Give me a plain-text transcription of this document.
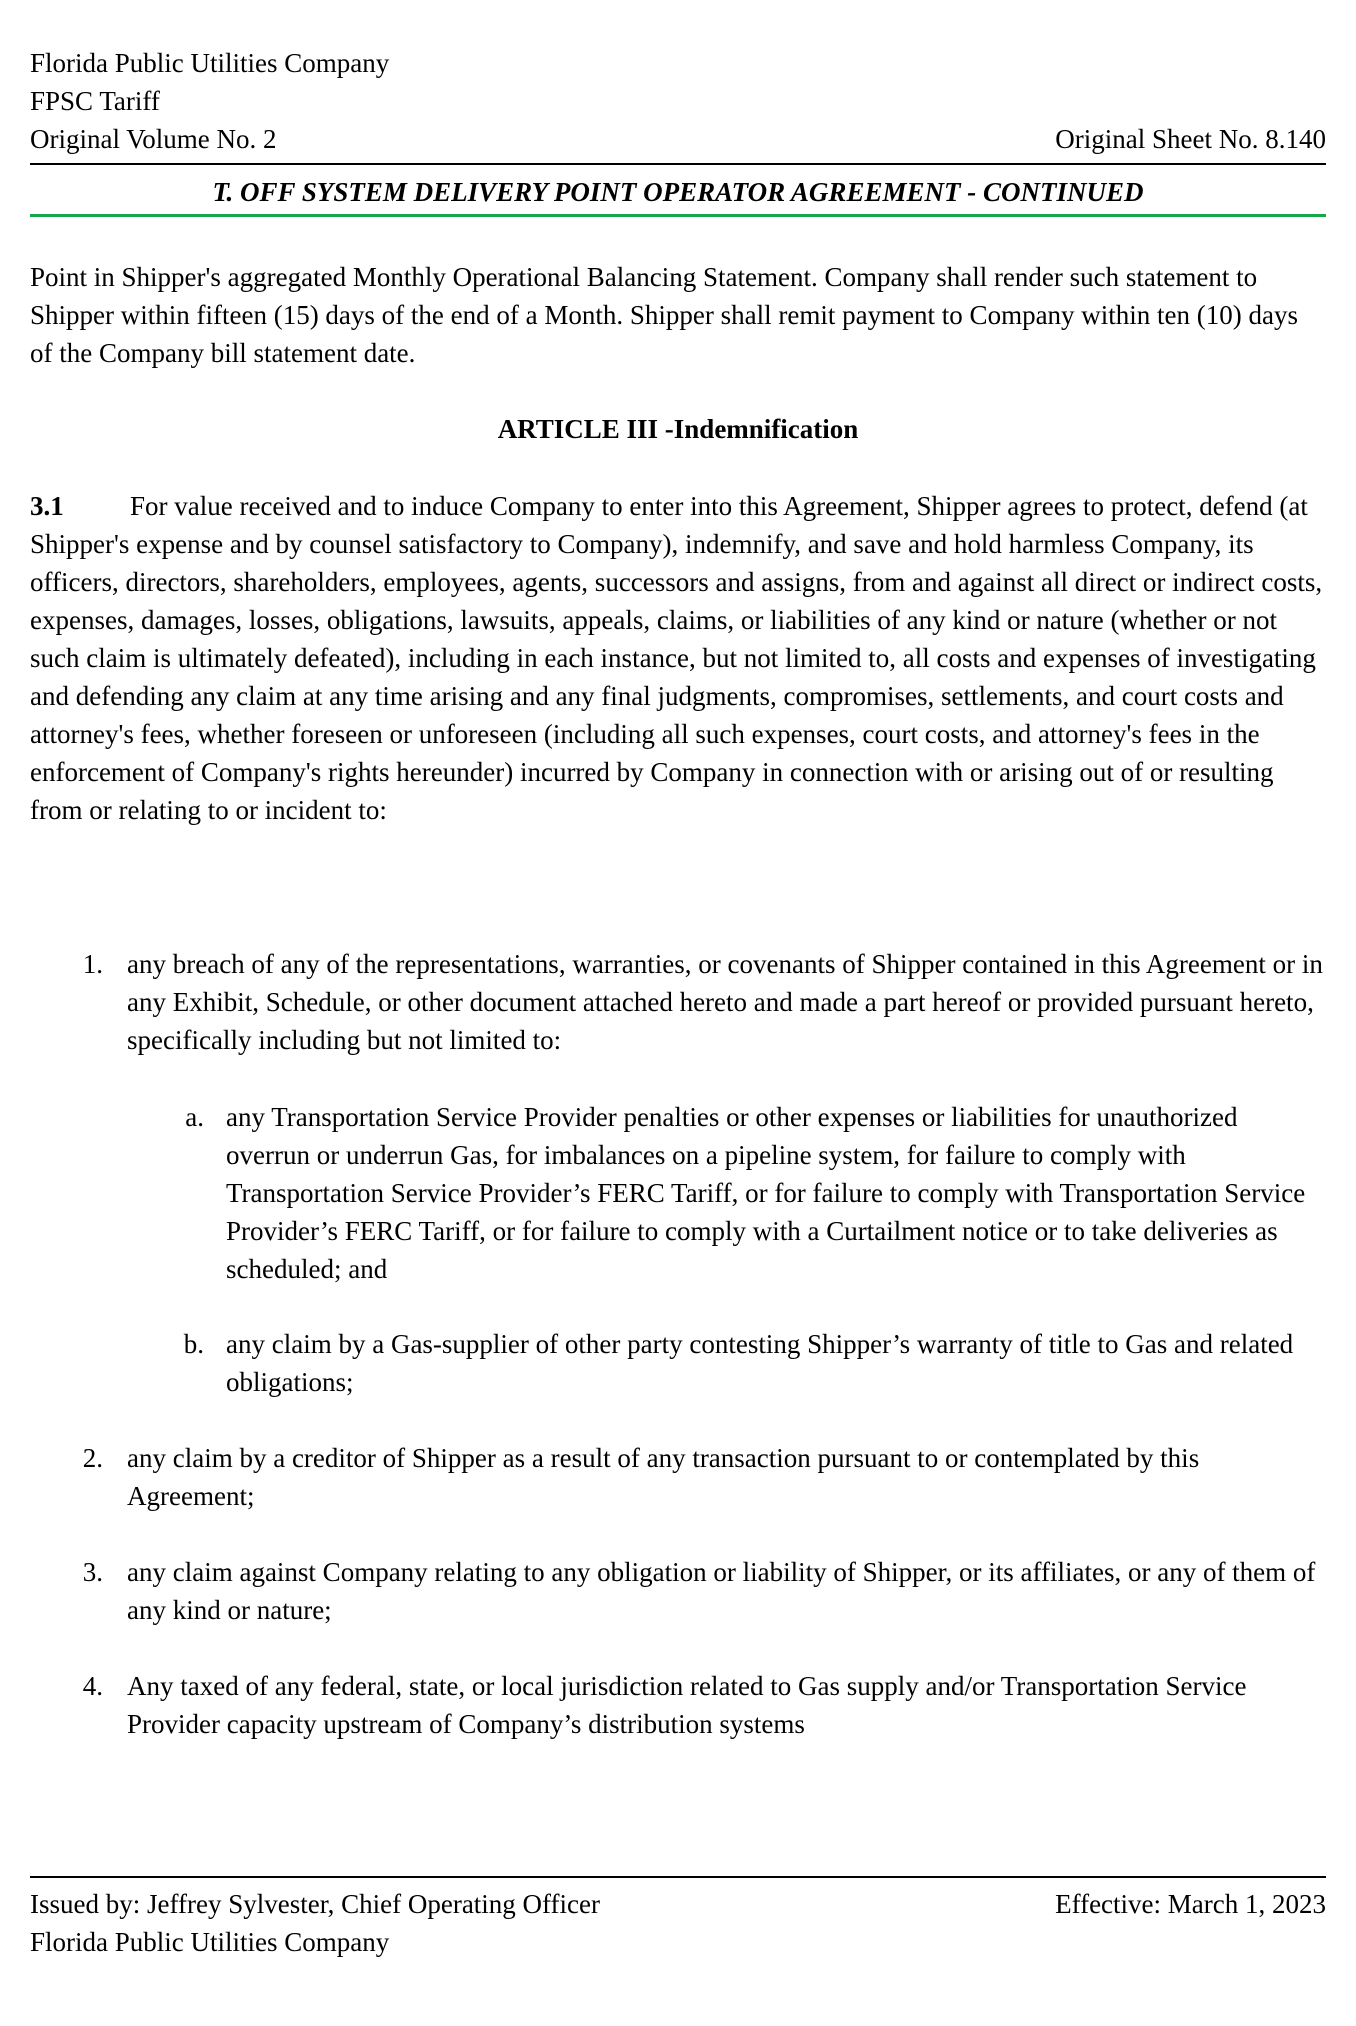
Florida Public Utilities Company
FPSC Tariff
Original Volume No. 2	Original Sheet No. 8.140
T. OFF SYSTEM DELIVERY POINT OPERATOR AGREEMENT - CONTINUED
Point in Shipper's aggregated Monthly Operational Balancing Statement. Company shall render such statement to Shipper within fifteen (15) days of the end of a Month. Shipper shall remit payment to Company within ten (10) days of the Company bill statement date.
ARTICLE III -Indemnification
3.1 For value received and to induce Company to enter into this Agreement, Shipper agrees to protect, defend (at Shipper's expense and by counsel satisfactory to Company), indemnify, and save and hold harmless Company, its officers, directors, shareholders, employees, agents, successors and assigns, from and against all direct or indirect costs, expenses, damages, losses, obligations, lawsuits, appeals, claims, or liabilities of any kind or nature (whether or not such claim is ultimately defeated), including in each instance, but not limited to, all costs and expenses of investigating and defending any claim at any time arising and any final judgments, compromises, settlements, and court costs and attorney's fees, whether foreseen or unforeseen (including all such expenses, court costs, and attorney's fees in the enforcement of Company's rights hereunder) incurred by Company in connection with or arising out of or resulting from or relating to or incident to:
1. any breach of any of the representations, warranties, or covenants of Shipper contained in this Agreement or in any Exhibit, Schedule, or other document attached hereto and made a part hereof or provided pursuant hereto, specifically including but not limited to:
a. any Transportation Service Provider penalties or other expenses or liabilities for unauthorized overrun or underrun Gas, for imbalances on a pipeline system, for failure to comply with Transportation Service Provider’s FERC Tariff, or for failure to comply with Transportation Service Provider’s FERC Tariff, or for failure to comply with a Curtailment notice or to take deliveries as scheduled; and
b. any claim by a Gas-supplier of other party contesting Shipper’s warranty of title to Gas and related obligations;
2. any claim by a creditor of Shipper as a result of any transaction pursuant to or contemplated by this Agreement;
3. any claim against Company relating to any obligation or liability of Shipper, or its affiliates, or any of them of any kind or nature;
4. Any taxed of any federal, state, or local jurisdiction related to Gas supply and/or Transportation Service Provider capacity upstream of Company’s distribution systems
Issued by: Jeffrey Sylvester, Chief Operating Officer	Effective: March 1, 2023
Florida Public Utilities Company
